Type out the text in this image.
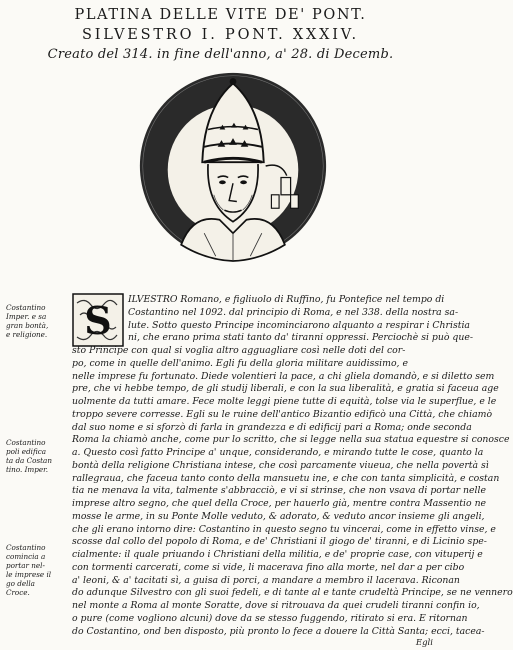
PLATINA DELLE VITE DE' PONT.
SILVESTRO I. PONT. XXXIV.
Creato del 314. in fine dell'anno, a' 28. di Decemb.
Costantino
Imper. e sa
gran bontà,
e religione.
Costantino
poli edifica
ta da Costan
tino. Imper.
Costantino
comincia a
portar nel-
le imprese il
go della
Croce.
S ILVESTRO Romano, e figliuolo di Ruffino, fu Pontefice nel tempo di
Costantino nel 1092. dal principio di Roma, e nel 338. della nostra sa-
lute. Sotto questo Principe incominciarono alquanto a respirar i Christia
ni, che erano prima stati tanto da' tiranni oppressi. Perciochè si può que-
sto Principe con qual si voglia altro agguagliare così nelle doti del cor-
po, come in quelle dell'animo. Egli fu della gloria militare auidissimo, e
nelle imprese fu fortunato. Diede volentieri la pace, a chi gliela domandò, e si diletto sem
pre, che vi hebbe tempo, de gli studij liberali, e con la sua liberalità, e gratia si faceua age
uolmente da tutti amare. Fece molte leggi piene tutte di equità, tolse via le superflue, e le
troppo severe corresse. Egli su le ruine dell'antico Bizantio edificò una Città, che chiamò
dal suo nome e si sforzò di farla in grandezza e di edificij pari a Roma; onde seconda
Roma la chiamò anche, come pur lo scritto, che si legge nella sua statua equestre si conosce
a. Questo così fatto Principe a' unque, considerando, e mirando tutte le cose, quanto la
bontà della religione Christiana intese, che così parcamente viueua, che nella povertà sì
rallegraua, che faceua tanto conto della mansuetu ine, e che con tanta simplicità, e costan
tia ne menava la vita, talmente s'abbracciò, e vi si strinse, che non vsava di portar nelle
imprese altro segno, che quel della Croce, per hauerlo già, mentre contra Massentio ne
mosse le arme, in su Ponte Molle veduto, & adorato, & veduto ancor insieme gli angeli,
che gli erano intorno dire: Costantino in questo segno tu vincerai, come in effetto vinse, e
scosse dal collo del popolo di Roma, e de' Christiani il giogo de' tiranni, e di Licinio spe-
cialmente: il quale priuando i Christiani della militia, e de' proprie case, con vituperij e
con tormenti carcerati, come si vide, li macerava fino alla morte, nel dar a per cibo
a' leoni, & a' tacitati sì, a guisa di porci, a mandare a membro il lacerava. Riconan
do adunque Silvestro con gli suoi fedeli, e di tante al e tante crudeltà Principe, se ne vennero
nel monte a Roma al monte Soratte, dove si ritrouava da quei crudeli tiranni confin io,
o pure (come vogliono alcuni) dove da se stesso fuggendo, ritirato si era. E ritornan
do Costantino, ond ben disposto, più pronto lo fece a douere la Città Santa; ecci, tacea-
Egli
